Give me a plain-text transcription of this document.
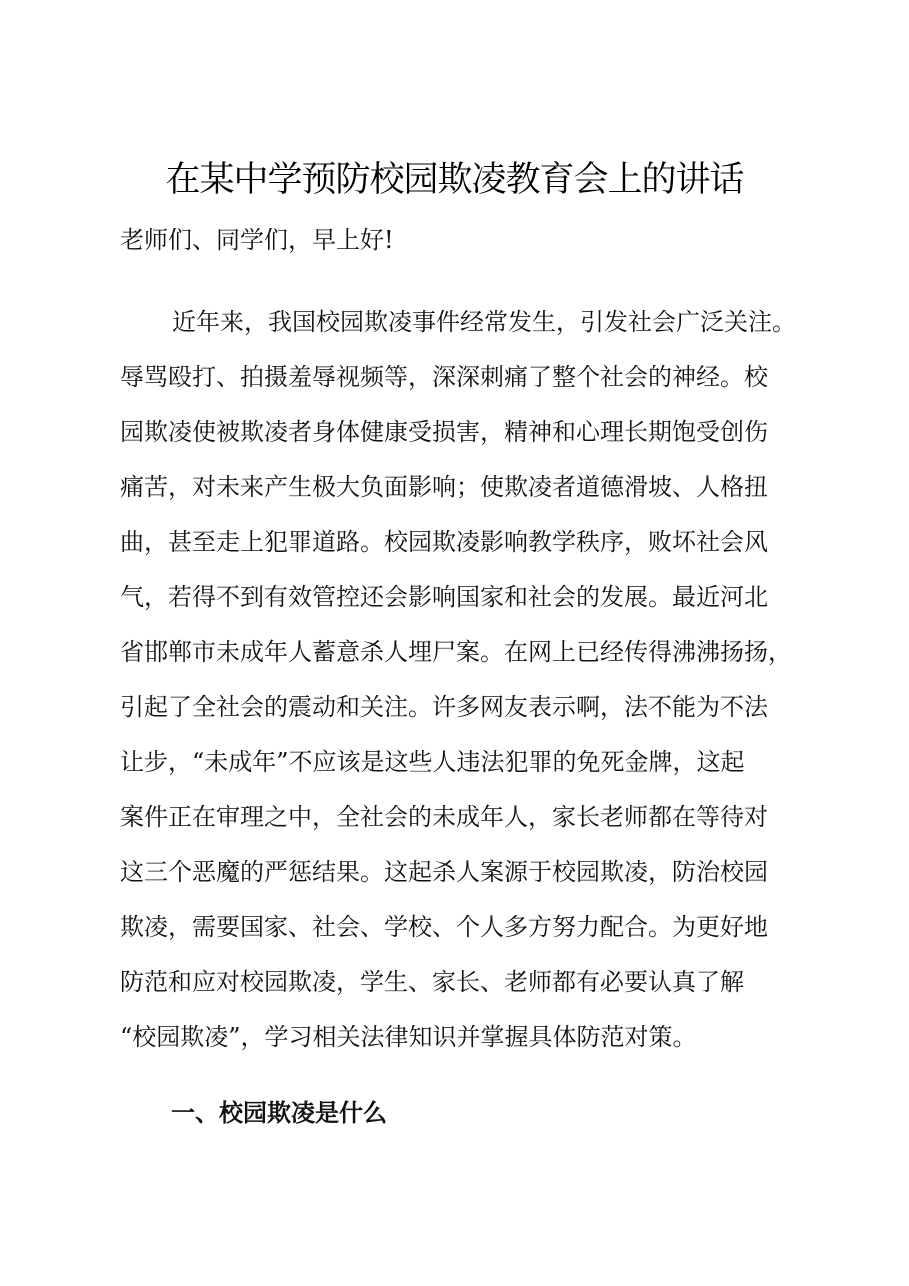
在某中学预防校园欺凌教育会上的讲话
老师们、同学们，早上好!
近年来，我国校园欺凌事件经常发生，引发社会广泛关注。
辱骂殴打、拍摄羞辱视频等，深深刺痛了整个社会的神经。校
园欺凌使被欺凌者身体健康受损害，精神和心理长期饱受创伤
痛苦，对未来产生极大负面影响；使欺凌者道德滑坡、人格扭
曲，甚至走上犯罪道路。校园欺凌影响教学秩序，败坏社会风
气，若得不到有效管控还会影响国家和社会的发展。最近河北
省邯郸市未成年人蓄意杀人埋尸案。在网上已经传得沸沸扬扬，
引起了全社会的震动和关注。许多网友表示啊，法不能为不法
让步，“未成年”不应该是这些人违法犯罪的免死金牌，这起
案件正在审理之中，全社会的未成年人，家长老师都在等待对
这三个恶魔的严惩结果。这起杀人案源于校园欺凌，防治校园
欺凌，需要国家、社会、学校、个人多方努力配合。为更好地
防范和应对校园欺凌，学生、家长、老师都有必要认真了解
“校园欺凌”，学习相关法律知识并掌握具体防范对策。
一、校园欺凌是什么
